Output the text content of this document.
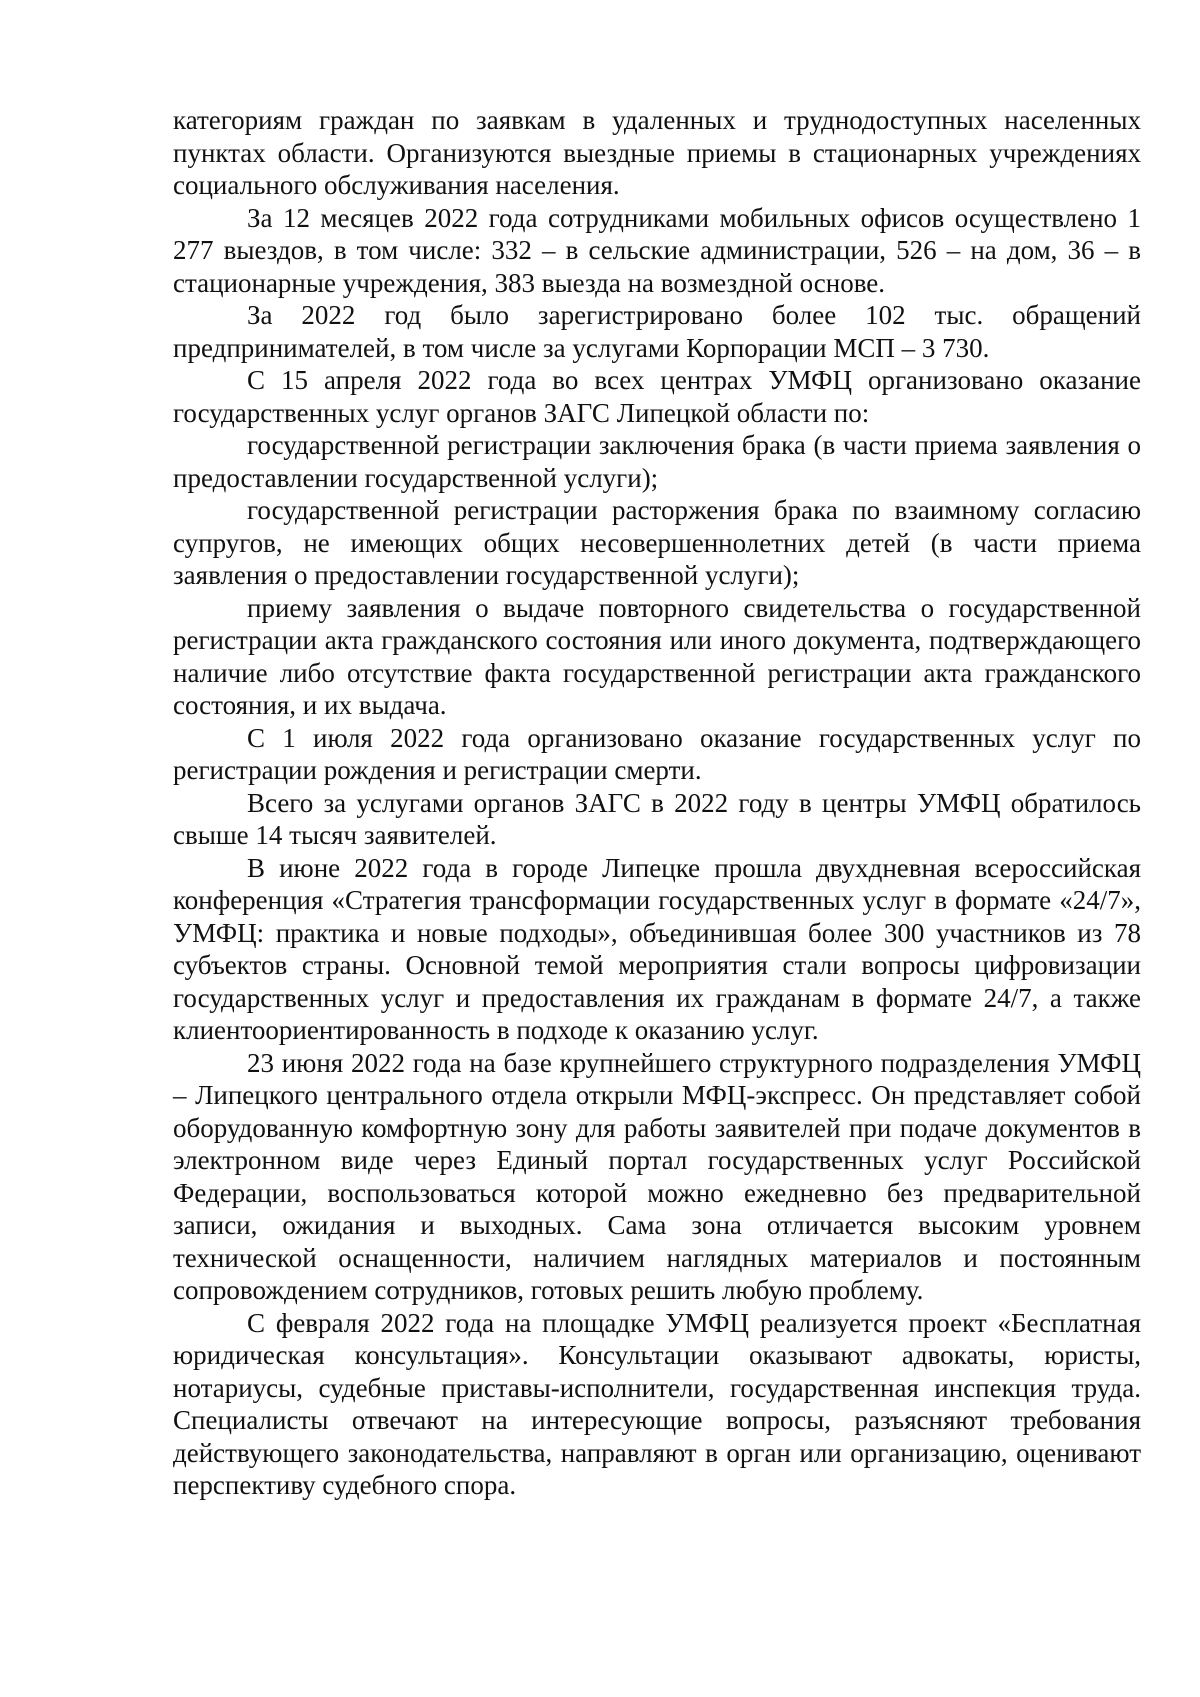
категориям граждан по заявкам в удаленных и труднодоступных населенных пунктах области. Организуются выездные приемы в стационарных учреждениях социального обслуживания населения.

За 12 месяцев 2022 года сотрудниками мобильных офисов осуществлено 1 277 выездов, в том числе: 332 – в сельские администрации, 526 – на дом, 36 – в стационарные учреждения, 383 выезда на возмездной основе.

За 2022 год было зарегистрировано более 102 тыс. обращений предпринимателей, в том числе за услугами Корпорации МСП – 3 730.

С 15 апреля 2022 года во всех центрах УМФЦ организовано оказание государственных услуг органов ЗАГС Липецкой области по:

государственной регистрации заключения брака (в части приема заявления о предоставлении государственной услуги);

государственной регистрации расторжения брака по взаимному согласию супругов, не имеющих общих несовершеннолетних детей (в части приема заявления о предоставлении государственной услуги);

приему заявления о выдаче повторного свидетельства о государственной регистрации акта гражданского состояния или иного документа, подтверждающего наличие либо отсутствие факта государственной регистрации акта гражданского состояния, и их выдача.

С 1 июля 2022 года организовано оказание государственных услуг по регистрации рождения и регистрации смерти.

Всего за услугами органов ЗАГС в 2022 году в центры УМФЦ обратилось свыше 14 тысяч заявителей.

В июне 2022 года в городе Липецке прошла двухдневная всероссийская конференция «Стратегия трансформации государственных услуг в формате «24/7», УМФЦ: практика и новые подходы», объединившая более 300 участников из 78 субъектов страны. Основной темой мероприятия стали вопросы цифровизации государственных услуг и предоставления их гражданам в формате 24/7, а также клиентоориентированность в подходе к оказанию услуг.

23 июня 2022 года на базе крупнейшего структурного подразделения УМФЦ – Липецкого центрального отдела открыли МФЦ-экспресс. Он представляет собой оборудованную комфортную зону для работы заявителей при подаче документов в электронном виде через Единый портал государственных услуг Российской Федерации, воспользоваться которой можно ежедневно без предварительной записи, ожидания и выходных. Сама зона отличается высоким уровнем технической оснащенности, наличием наглядных материалов и постоянным сопровождением сотрудников, готовых решить любую проблему.

С февраля 2022 года на площадке УМФЦ реализуется проект «Бесплатная юридическая консультация». Консультации оказывают адвокаты, юристы, нотариусы, судебные приставы-исполнители, государственная инспекция труда. Специалисты отвечают на интересующие вопросы, разъясняют требования действующего законодательства, направляют в орган или организацию, оценивают перспективу судебного спора.
